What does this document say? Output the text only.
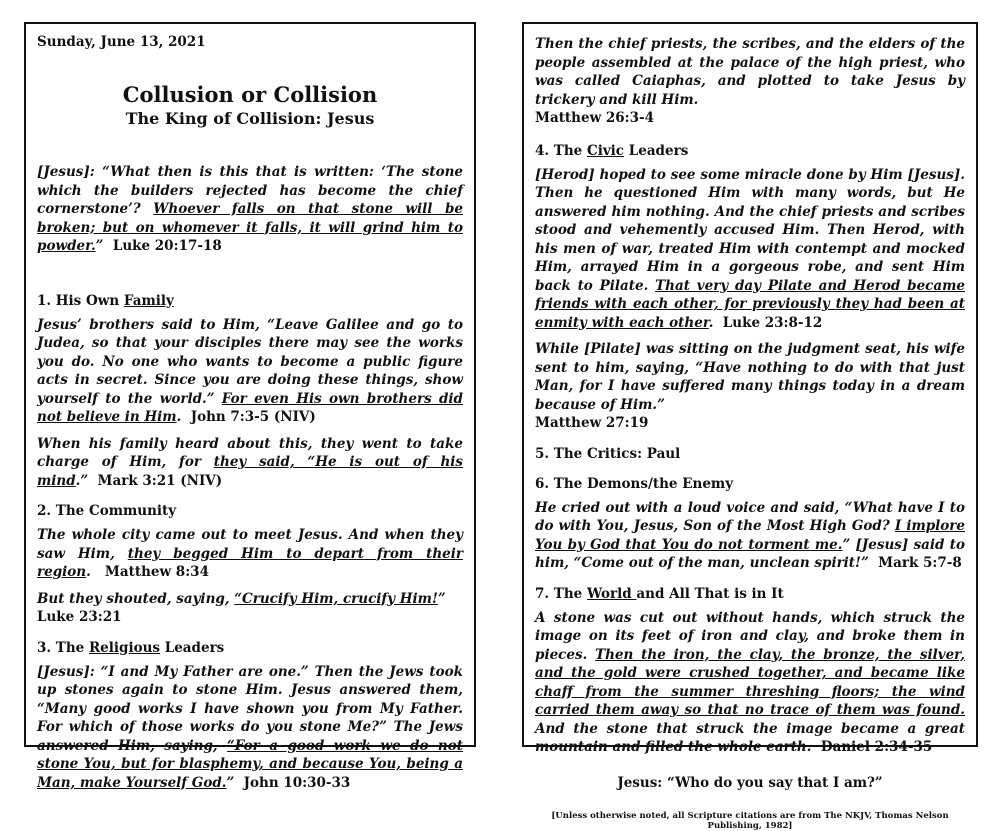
Sunday, June 13, 2021

Collusion or Collision

The King of Collision: Jesus

[Jesus]: “What then is this that is written: ‘The stone which the builders rejected has become the chief cornerstone’? Whoever falls on that stone will be broken; but on whomever it falls, it will grind him to powder.” Luke 20:17-18

1. His Own Family

Jesus’ brothers said to Him, “Leave Galilee and go to Judea, so that your disciples there may see the works you do. No one who wants to become a public figure acts in secret. Since you are doing these things, show yourself to the world.” For even His own brothers did not believe in Him. John 7:3-5 (NIV)

When his family heard about this, they went to take charge of Him, for they said, “He is out of his mind.” Mark 3:21 (NIV)

2. The Community

The whole city came out to meet Jesus. And when they saw Him, they begged Him to depart from their region. Matthew 8:34

But they shouted, saying, “Crucify Him, crucify Him!”
Luke 23:21

3. The Religious Leaders

[Jesus]: “I and My Father are one.” Then the Jews took up stones again to stone Him. Jesus answered them, “Many good works I have shown you from My Father. For which of those works do you stone Me?” The Jews answered Him, saying, “For a good work we do not stone You, but for blasphemy, and because You, being a Man, make Yourself God.” John 10:30-33

Then the chief priests, the scribes, and the elders of the people assembled at the palace of the high priest, who was called Caiaphas, and plotted to take Jesus by trickery and kill Him.
Matthew 26:3-4

4. The Civic Leaders

[Herod] hoped to see some miracle done by Him [Jesus]. Then he questioned Him with many words, but He answered him nothing. And the chief priests and scribes stood and vehemently accused Him. Then Herod, with his men of war, treated Him with contempt and mocked Him, arrayed Him in a gorgeous robe, and sent Him back to Pilate. That very day Pilate and Herod became friends with each other, for previously they had been at enmity with each other. Luke 23:8-12

While [Pilate] was sitting on the judgment seat, his wife sent to him, saying, “Have nothing to do with that just Man, for I have suffered many things today in a dream because of Him.”
Matthew 27:19

5. The Critics: Paul
6. The Demons/the Enemy

He cried out with a loud voice and said, “What have I to do with You, Jesus, Son of the Most High God? I implore You by God that You do not torment me.” [Jesus] said to him, “Come out of the man, unclean spirit!” Mark 5:7-8

7. The World and All That is in It

A stone was cut out without hands, which struck the image on its feet of iron and clay, and broke them in pieces. Then the iron, the clay, the bronze, the silver, and the gold were crushed together, and became like chaff from the summer threshing floors; the wind carried them away so that no trace of them was found. And the stone that struck the image became a great mountain and filled the whole earth. Daniel 2:34-35

Jesus: “Who do you say that I am?”

[Unless otherwise noted, all Scripture citations are from The NKJV, Thomas Nelson Publishing, 1982]
